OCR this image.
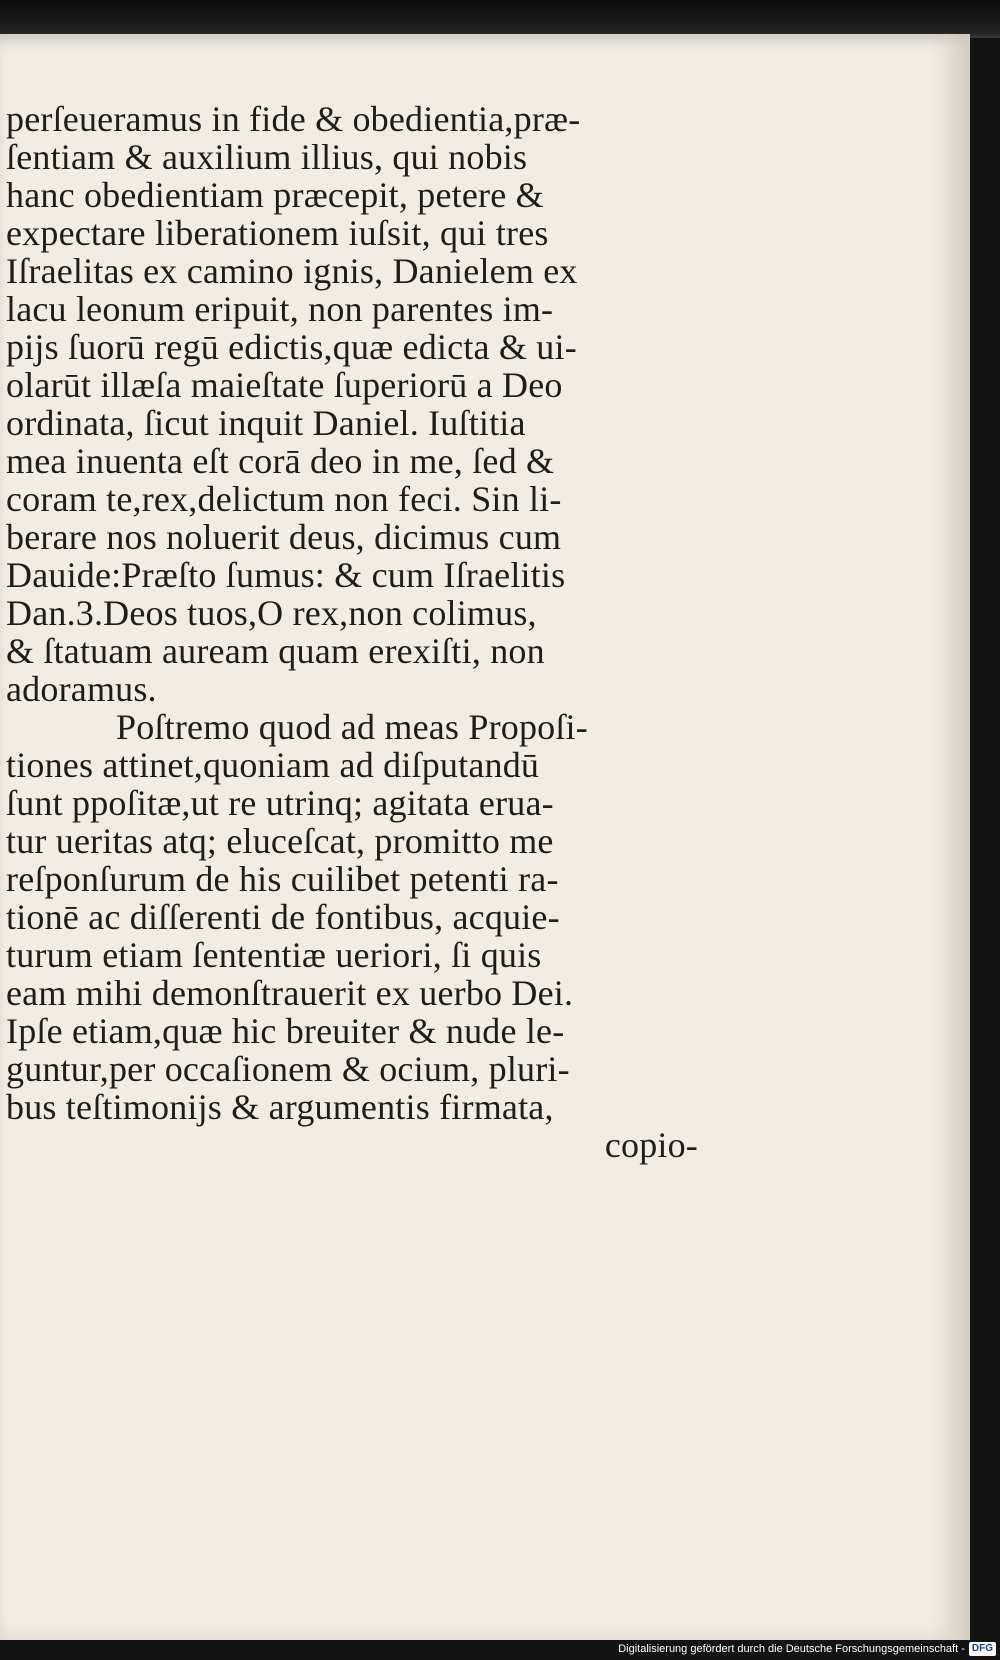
perſeueramus in fide & obedientia,præ-
ſentiam & auxilium illius, qui nobis
hanc obedientiam præcepit, petere &
expectare liberationem iuſsit, qui tres
Iſraelitas ex camino ignis, Danielem ex
lacu leonum eripuit, non parentes im-
pijs ſuorū regū edictis,quæ edicta & ui-
olarūt illæſa maieſtate ſuperiorū a Deo
ordinata, ſicut inquit Daniel. Iuſtitia
mea inuenta eſt corā deo in me, ſed &
coram te,rex,delictum non feci. Sin li-
berare nos noluerit deus, dicimus cum
Dauide:Præſto ſumus: & cum Iſraelitis
Dan.3.Deos tuos,O rex,non colimus,
& ſtatuam auream quam erexiſti, non
adoramus.
Poſtremo quod ad meas Propoſi-
tiones attinet,quoniam ad diſputandū
ſunt ppoſitæ,ut re utrinq; agitata erua-
tur ueritas atq; eluceſcat, promitto me
reſponſurum de his cuilibet petenti ra-
tionē ac diſſerenti de fontibus, acquie-
turum etiam ſententiæ ueriori, ſi quis
eam mihi demonſtrauerit ex uerbo Dei.
Ipſe etiam,quæ hic breuiter & nude le-
guntur,per occaſionem & ocium, pluri-
bus teſtimonijs & argumentis firmata,
copio-
Digitalisierung gefördert durch die Deutsche Forschungsgemeinschaft - DFG
